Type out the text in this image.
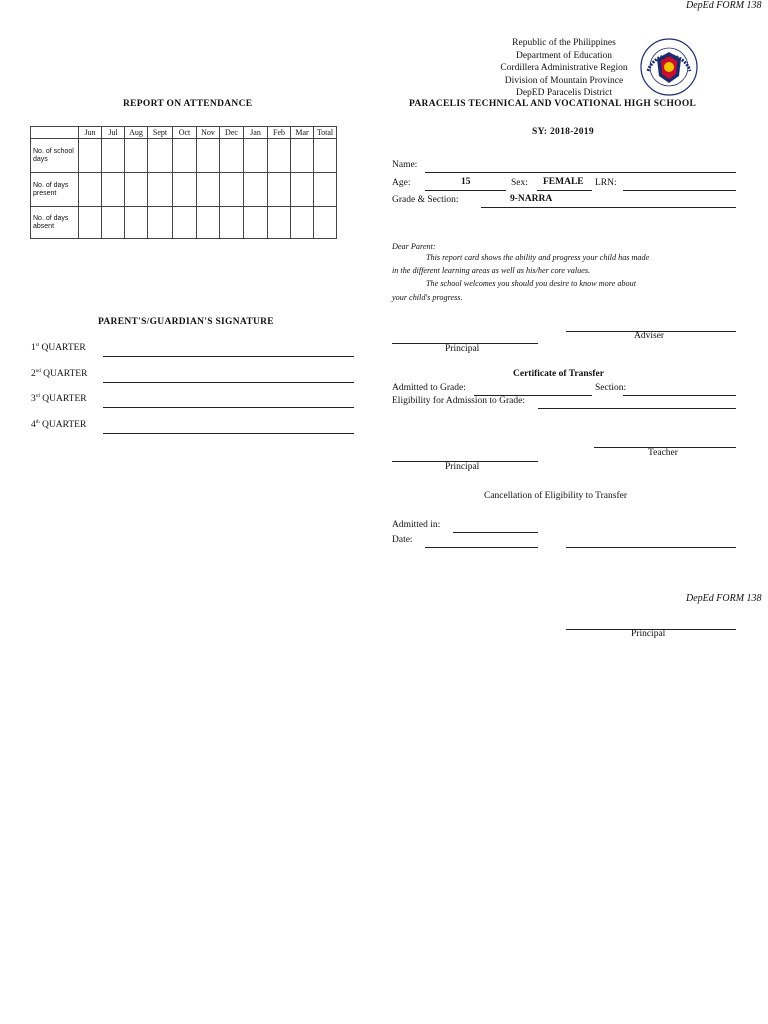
DepEd FORM 138
Republic of the Philippines
Department of Education
Cordillera Administrative Region
Division of Mountain Province
DepED Paracelis District
PARACELIS TECHNICAL AND VOCATIONAL HIGH SCHOOL
SY: 2018-2019
REPORT ON ATTENDANCE
	Jun	Jul	Aug	Sept	Oct	Nov	Dec	Jan	Feb	Mar	Total
No. of school days											
No. of days present											
No. of days absent											
PARENT'S/GUARDIAN'S SIGNATURE
1st QUARTER
2nd QUARTER
3rd QUARTER
4th QUARTER
Name:
Age:	15	Sex: FEMALE LRN:
Grade & Section:	9-NARRA
Dear Parent:
This report card shows the ability and progress your child has made
in the different learning areas as well as his/her core values.
The school welcomes you should you desire to know more about
your child's progress.
Adviser
Principal
Certificate of Transfer
Admitted to Grade:	Section:
Eligibility for Admission to Grade:
Teacher
Principal
Cancellation of Eligibility to Transfer
Admitted in:
Date:
DepEd FORM 138
Principal
